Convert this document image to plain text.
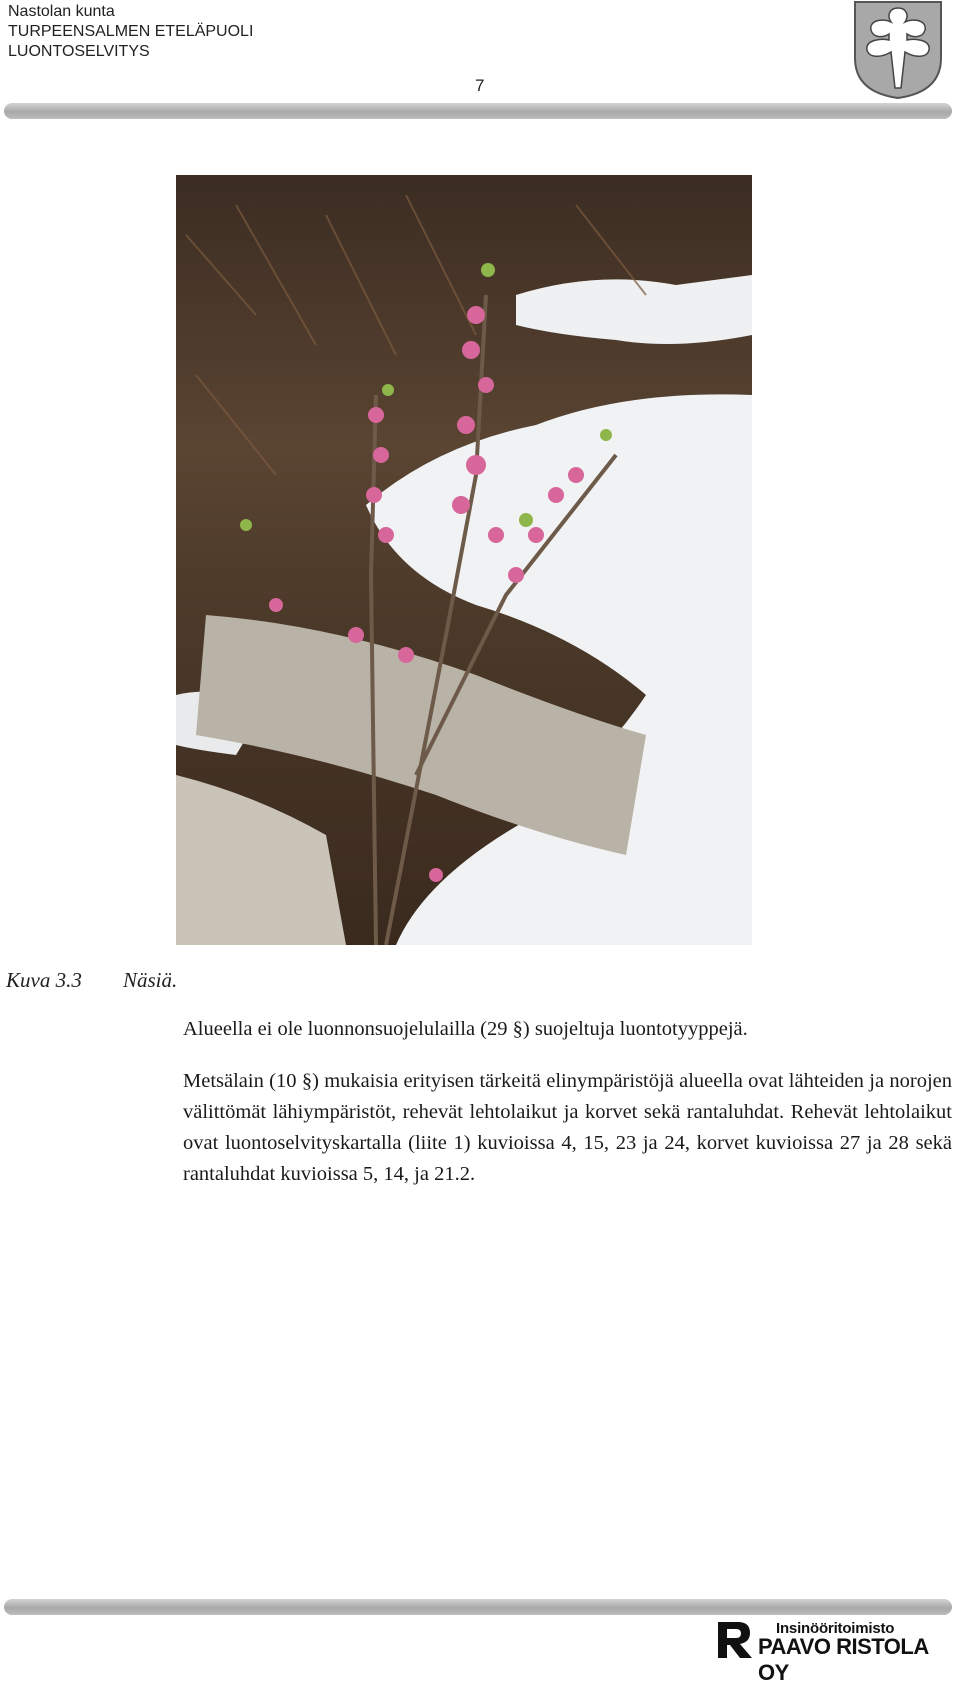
Nastolan kunta
TURPEENSALMEN ETELÄPUOLI
LUONTOSELVITYS
7
Kuva 3.3 Näsiä.

Alueella ei ole luonnonsuojelulailla (29 §) suojeltuja luontotyyppejä.

Metsälain (10 §) mukaisia erityisen tärkeitä elinympäristöjä alueella ovat lähteiden ja norojen välittömät lähiympäristöt, rehevät lehtolaikut ja korvet sekä rantaluhdat. Rehevät lehtolaikut ovat luontoselvityskartalla (liite 1) kuvioissa 4, 15, 23 ja 24, korvet kuvioissa 27 ja 28 sekä rantaluhdat kuvioissa 5, 14, ja 21.2.

Insinööritoimisto
PAAVO RISTOLA OY
